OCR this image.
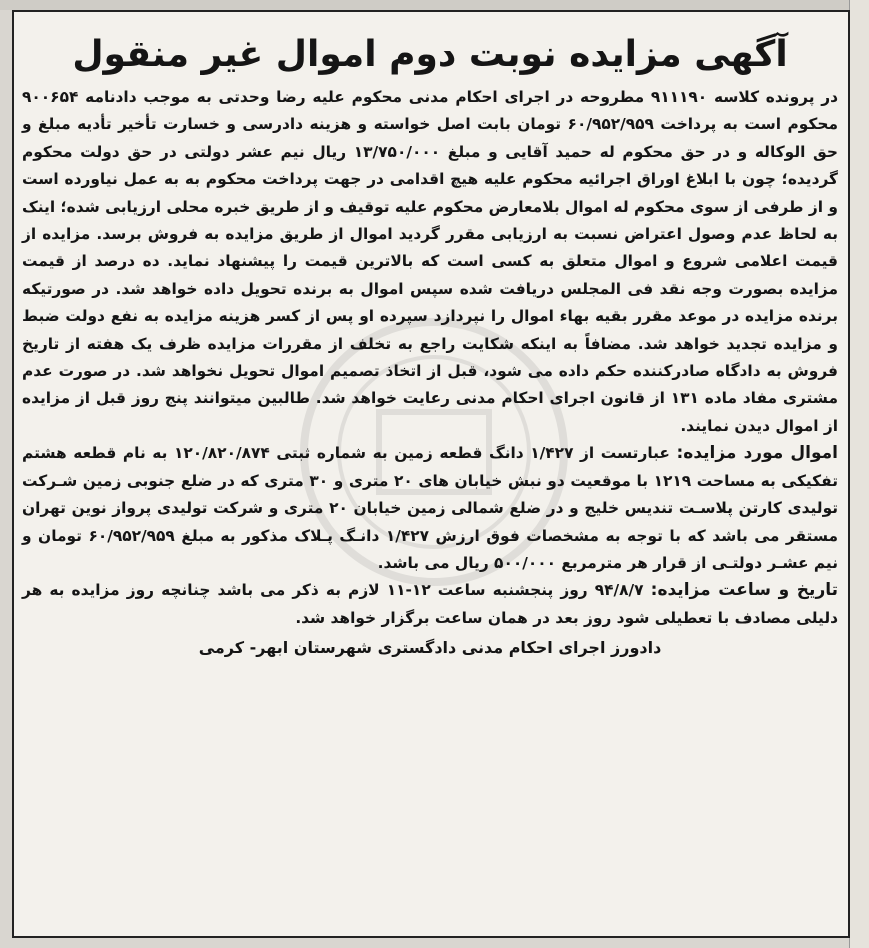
آگهی مزایده نوبت دوم اموال غیر منقول

در پرونده کلاسه ۹۱۱۱۹۰ مطروحه در اجرای احکام مدنی محکوم علیه رضا وحدتی به موجب دادنامه ۹۰۰۶۵۴ محکوم است به پرداخت ۶۰/۹۵۲/۹۵۹ تومان بابت اصل خواسته و هزینه دادرسی و خسارت تأخیر تأدیه مبلغ و حق الوکاله و در حق محکوم له حمید آقایی و مبلغ ۱۳/۷۵۰/۰۰۰ ریال نیم عشر دولتی در حق دولت محکوم گردیده؛ چون با ابلاغ اوراق اجرائیه محکوم علیه هیچ اقدامی در جهت پرداخت محکوم به به عمل نیاورده است و از طرفی از سوی محکوم له اموال بلامعارض محکوم علیه توقیف و از طریق خبره محلی ارزیابی شده؛ اینک به لحاظ عدم وصول اعتراض نسبت به ارزیابی مقرر گردید اموال از طریق مزایده به فروش برسد. مزایده از قیمت اعلامی شروع و اموال متعلق به کسی است که بالاترین قیمت را پیشنهاد نماید. ده درصد از قیمت مزایده بصورت وجه نقد فی المجلس دریافت شده سپس اموال به برنده تحویل داده خواهد شد. در صورتیکه برنده مزایده در موعد مقرر بقیه بهاء اموال را نپردازد سپرده او پس از کسر هزینه مزایده به نفع دولت ضبط و مزایده تجدید خواهد شد. مضافاً به اینکه شکایت راجع به تخلف از مقررات مزایده ظرف یک هفته از تاریخ فروش به دادگاه صادرکننده حکم داده می شود، قبل از اتخاذ تصمیم اموال تحویل نخواهد شد. در صورت عدم مشتری مفاد ماده ۱۳۱ از قانون اجرای احکام مدنی رعایت خواهد شد. طالبین میتوانند پنج روز قبل از مزایده از اموال دیدن نمایند.

اموال مورد مزایده: عبارتست از ۱/۴۲۷ دانگ قطعه زمین به شماره ثبتی ۱۲۰/۸۲۰/۸۷۴ به نام قطعه هشتم تفکیکی به مساحت ۱۲۱۹ با موقعیت دو نبش خیابان های ۲۰ متری و ۳۰ متری که در ضلع جنوبی زمین شـرکت تولیدی کارتن پلاسـت تندیس خلیج و در ضلع شمالی زمین خیابان ۲۰ متری و شرکت تولیدی پرواز نوین تهران مستقر می باشد که با توجه به مشخصات فوق ارزش ۱/۴۲۷ دانـگ پـلاک مذکور به مبلغ ۶۰/۹۵۲/۹۵۹ تومان و نیم عشـر دولتـی از قرار هر مترمربع ۵۰۰/۰۰۰ ریال می باشد.

تاریخ و ساعت مزایده: ۹۴/۸/۷ روز پنجشنبه ساعت ۱۲-۱۱ لازم به ذکر می باشد چنانچه روز مزایده به هر دلیلی مصادف با تعطیلی شود روز بعد در همان ساعت برگزار خواهد شد.

دادورز اجرای احکام مدنی دادگستری شهرستان ابهر- کرمی
